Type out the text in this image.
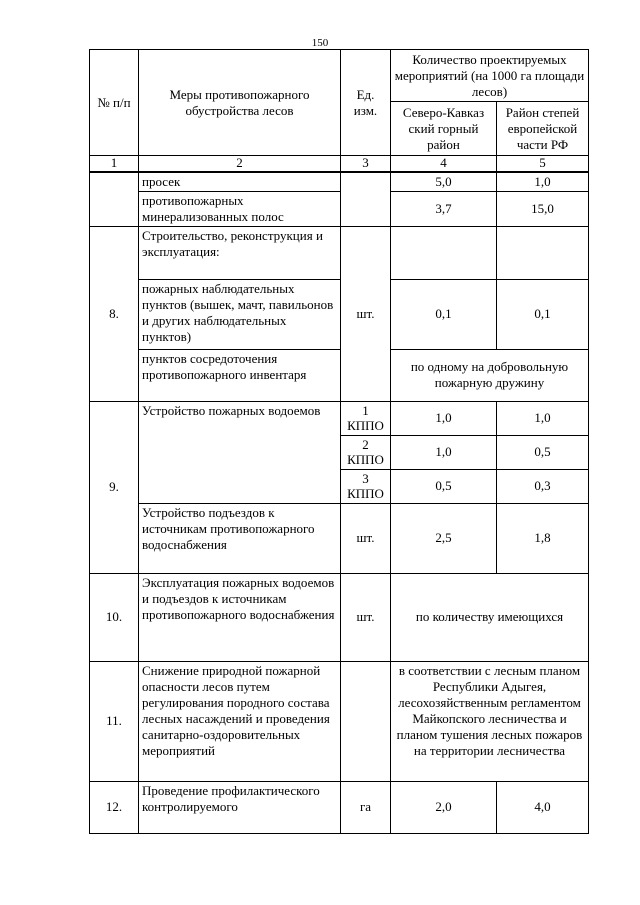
150
№ п/п	Меры противопожарного обустройства лесов	Ед. изм.	Количество проектируемых мероприятий (на 1000 га площади лесов)	
			Северо-Кавказ ский горный район	Район степей европейской части РФ
1	2	3	4	5
	просек		5,0	1,0
	противопожарных минерализованных полос		3,7	15,0
8.	Строительство, реконструкция и эксплуатация:	шт.		
	пожарных наблюдательных пунктов (вышек, мачт, павильонов и других наблюдательных пунктов)		0,1	0,1
	пунктов сосредоточения противопожарного инвентаря		по одному на добровольную пожарную дружину	
9.	Устройство пожарных водоемов	1 КППО	1,0	1,0
		2 КППО	1,0	0,5
		3 КППО	0,5	0,3
	Устройство подъездов к источникам противопожарного водоснабжения	шт.	2,5	1,8
10.	Эксплуатация пожарных водоемов и подъездов к источникам противопожарного водоснабжения	шт.	по количеству имеющихся	
11.	Снижение природной пожарной опасности лесов путем регулирования породного состава лесных насаждений и проведения санитарно-оздоровительных мероприятий		в соответствии с лесным планом Республики Адыгея, лесохозяйственным регламентом Майкопского лесничества и планом тушения лесных пожаров на территории лесничества	
12.	Проведение профилактического контролируемого	га	2,0	4,0
